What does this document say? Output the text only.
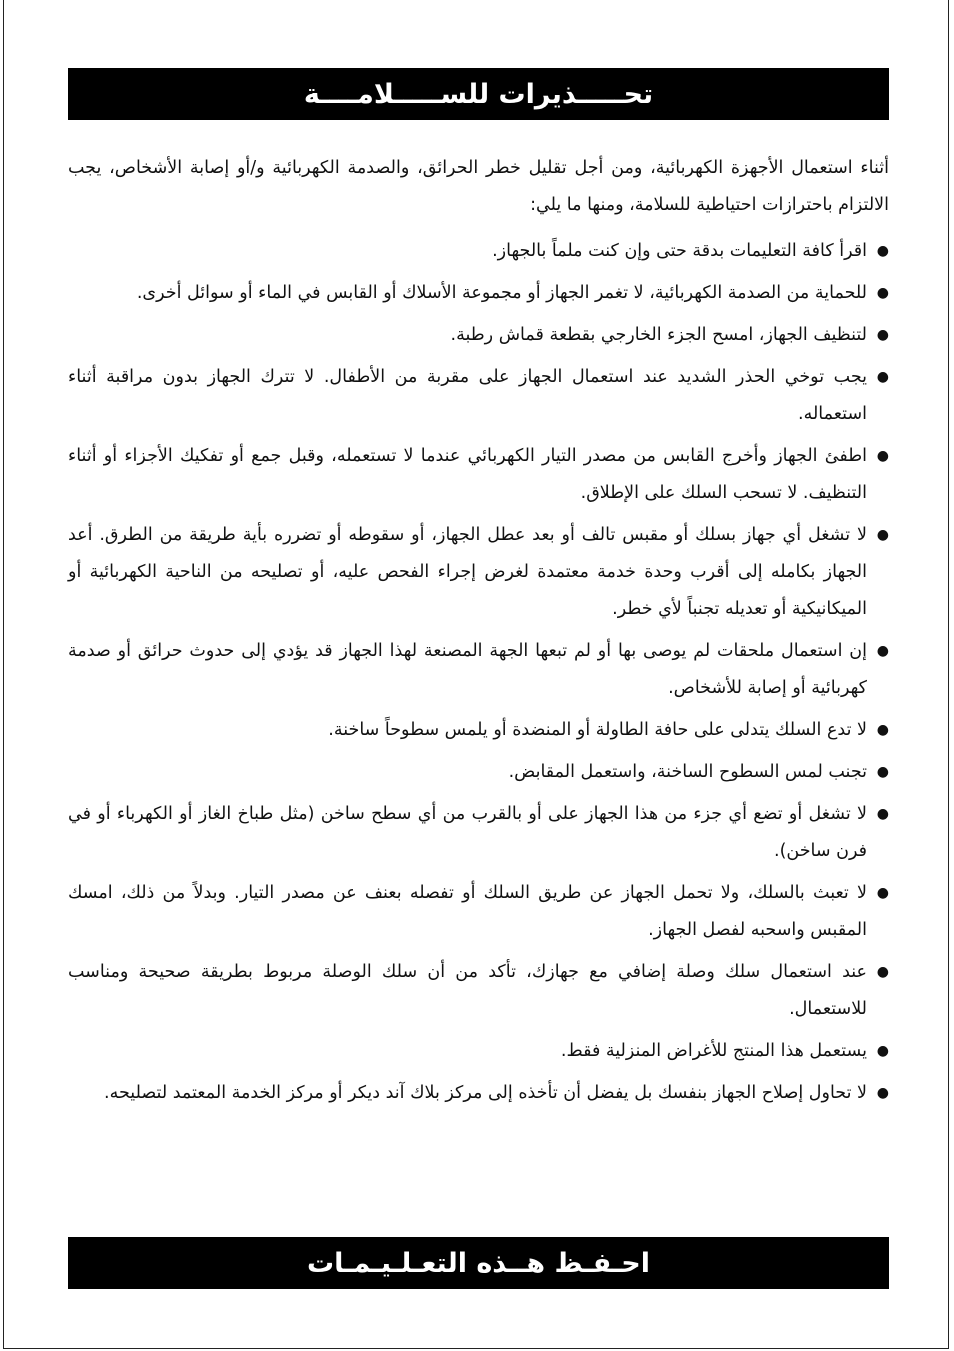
تحـــــذيرات للســـــلامــــة

أثناء استعمال الأجهزة الكهربائية، ومن أجل تقليل خطر الحرائق، والصدمة الكهربائية و/أو إصابة الأشخاص، يجب الالتزام باحترازات احتياطية للسلامة، ومنها ما يلي:

●
اقرأ كافة التعليمات بدقة حتى وإن كنت ملماً بالجهاز.
●
للحماية من الصدمة الكهربائية، لا تغمر الجهاز أو مجموعة الأسلاك أو القابس في الماء أو سوائل أخرى.
●
لتنظيف الجهاز، امسح الجزء الخارجي بقطعة قماش رطبة.
●
يجب توخي الحذر الشديد عند استعمال الجهاز على مقربة من الأطفال. لا تترك الجهاز بدون مراقبة أثناء استعماله.
●
اطفئ الجهاز وأخرج القابس من مصدر التيار الكهربائي عندما لا تستعمله، وقبل جمع أو تفكيك الأجزاء أو أثناء التنظيف. لا تسحب السلك على الإطلاق.
●
لا تشغل أي جهاز بسلك أو مقبس تالف أو بعد عطل الجهاز، أو سقوطه أو تضرره بأية طريقة من الطرق. أعد الجهاز بكامله إلى أقرب وحدة خدمة معتمدة لغرض إجراء الفحص عليه، أو تصليحه من الناحية الكهربائية أو الميكانيكية أو تعديله تجنباً لأي خطر.
●
إن استعمال ملحقات لم يوصى بها أو لم تبعها الجهة المصنعة لهذا الجهاز قد يؤدي إلى حدوث حرائق أو صدمة كهربائية أو إصابة للأشخاص.
●
لا تدع السلك يتدلى على حافة الطاولة أو المنضدة أو يلمس سطوحاً ساخنة.
●
تجنب لمس السطوح الساخنة، واستعمل المقابض.
●
لا تشغل أو تضع أي جزء من هذا الجهاز على أو بالقرب من أي سطح ساخن (مثل طباخ الغاز أو الكهرباء أو في فرن ساخن).
●
لا تعبث بالسلك، ولا تحمل الجهاز عن طريق السلك أو تفصله بعنف عن مصدر التيار. وبدلاً من ذلك، امسك المقبس واسحبه لفصل الجهاز.
●
عند استعمال سلك وصلة إضافي مع جهازك، تأكد من أن سلك الوصلة مربوط بطريقة صحيحة ومناسب للاستعمال.
●
يستعمل هذا المنتج للأغراض المنزلية فقط.
●
لا تحاول إصلاح الجهاز بنفسك بل يفضل أن تأخذه إلى مركز بلاك آند ديكر أو مركز الخدمة المعتمد لتصليحه.
احـفـظ هــذه التعـلـيـمـات
